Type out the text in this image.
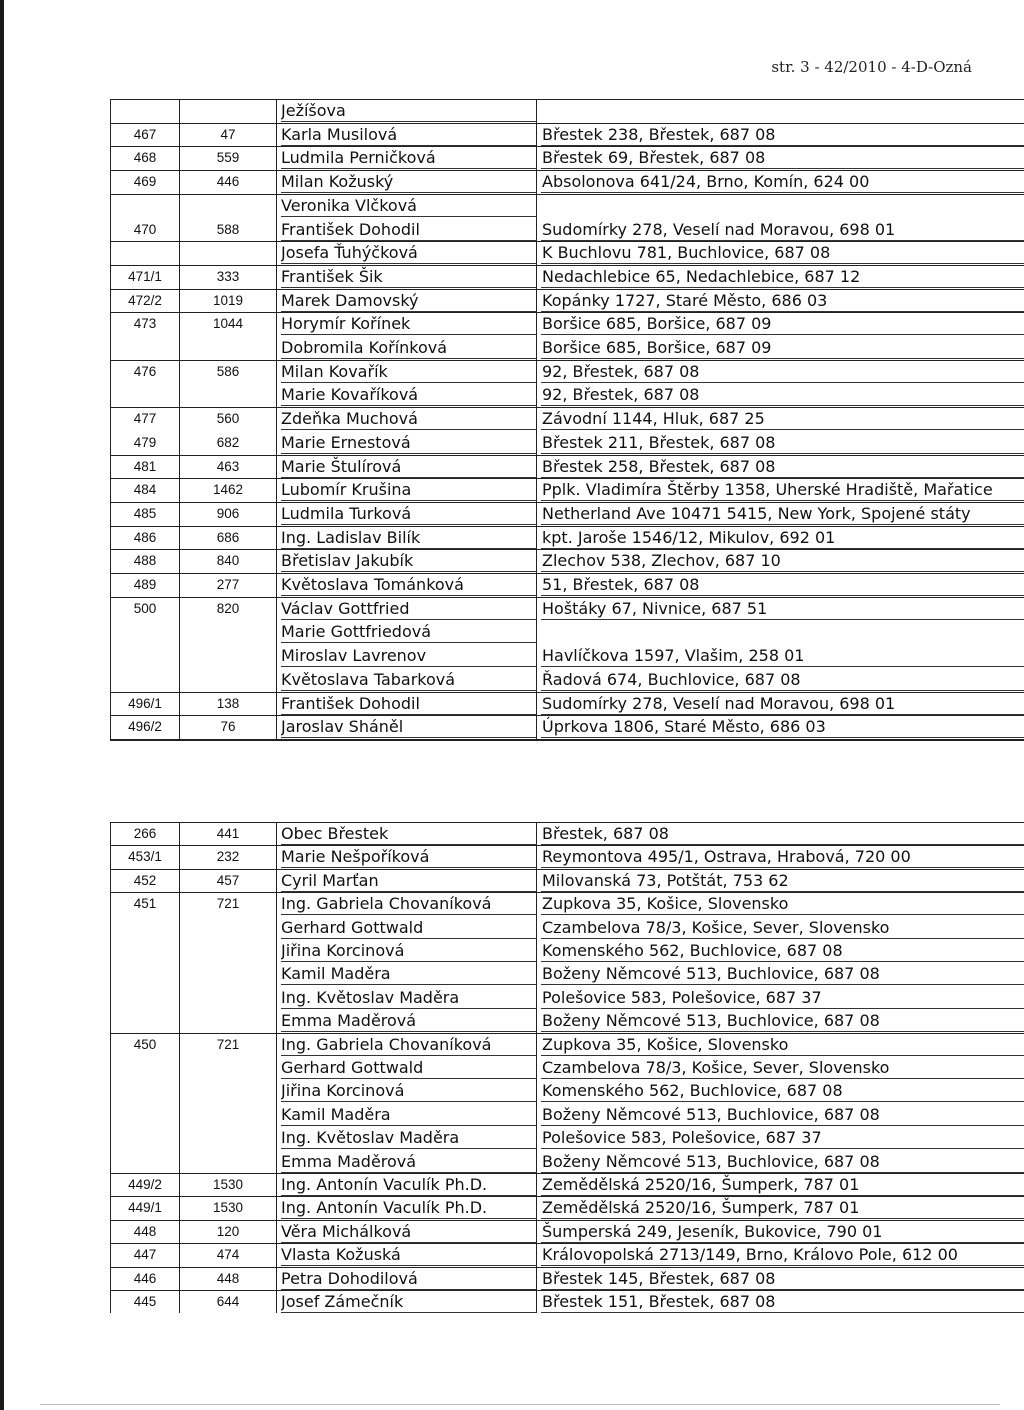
str. 3 - 42/2010 - 4-D-Ozná
Ježíšova
467	47	Karla Musilová	Břestek 238, Břestek, 687 08
468	559	Ludmila Perničková	Břestek 69, Břestek, 687 08
469	446	Milan Kožuský	Absolonova 641/24, Brno, Komín, 624 00
Veronika Vlčková
470	588	František Dohodil	Sudomírky 278, Veselí nad Moravou, 698 01
Josefa Ťuhýčková	K Buchlovu 781, Buchlovice, 687 08
471/1	333	František Šik	Nedachlebice 65, Nedachlebice, 687 12
472/2	1019	Marek Damovský	Kopánky 1727, Staré Město, 686 03
473	1044	Horymír Kořínek	Boršice 685, Boršice, 687 09
Dobromila Kořínková	Boršice 685, Boršice, 687 09
476	586	Milan Kovařík	92, Břestek, 687 08
Marie Kovaříková	92, Břestek, 687 08
477	560	Zdeňka Muchová	Závodní 1144, Hluk, 687 25
479	682	Marie Ernestová	Břestek 211, Břestek, 687 08
481	463	Marie Štulírová	Břestek 258, Břestek, 687 08
484	1462	Lubomír Krušina	Pplk. Vladimíra Štěrby 1358, Uherské Hradiště, Mařatice
485	906	Ludmila Turková	Netherland Ave 10471 5415, New York, Spojené státy
486	686	Ing. Ladislav Bilík	kpt. Jaroše 1546/12, Mikulov, 692 01
488	840	Břetislav Jakubík	Zlechov 538, Zlechov, 687 10
489	277	Květoslava Tománková	51, Břestek, 687 08
500	820	Václav Gottfried	Hoštáky 67, Nivnice, 687 51
Marie Gottfriedová
Miroslav Lavrenov	Havlíčkova 1597, Vlašim, 258 01
Květoslava Tabarková	Řadová 674, Buchlovice, 687 08
496/1	138	František Dohodil	Sudomírky 278, Veselí nad Moravou, 698 01
496/2	76	Jaroslav Sháněl	Úprkova 1806, Staré Město, 686 03
266	441	Obec Břestek	Břestek, 687 08
453/1	232	Marie Nešpoříková	Reymontova 495/1, Ostrava, Hrabová, 720 00
452	457	Cyril Marťan	Milovanská 73, Potštát, 753 62
451	721	Ing. Gabriela Chovaníková	Zupkova 35, Košice, Slovensko
Gerhard Gottwald	Czambelova 78/3, Košice, Sever, Slovensko
Jiřina Korcinová	Komenského 562, Buchlovice, 687 08
Kamil Maděra	Boženy Němcové 513, Buchlovice, 687 08
Ing. Květoslav Maděra	Polešovice 583, Polešovice, 687 37
Emma Maděrová	Boženy Němcové 513, Buchlovice, 687 08
450	721	Ing. Gabriela Chovaníková	Zupkova 35, Košice, Slovensko
Gerhard Gottwald	Czambelova 78/3, Košice, Sever, Slovensko
Jiřina Korcinová	Komenského 562, Buchlovice, 687 08
Kamil Maděra	Boženy Němcové 513, Buchlovice, 687 08
Ing. Květoslav Maděra	Polešovice 583, Polešovice, 687 37
Emma Maděrová	Boženy Němcové 513, Buchlovice, 687 08
449/2	1530	Ing. Antonín Vaculík Ph.D.	Zemědělská 2520/16, Šumperk, 787 01
449/1	1530	Ing. Antonín Vaculík Ph.D.	Zemědělská 2520/16, Šumperk, 787 01
448	120	Věra Michálková	Šumperská 249, Jeseník, Bukovice, 790 01
447	474	Vlasta Kožuská	Královopolská 2713/149, Brno, Královo Pole, 612 00
446	448	Petra Dohodilová	Břestek 145, Břestek, 687 08
445	644	Josef Zámečník	Břestek 151, Břestek, 687 08
